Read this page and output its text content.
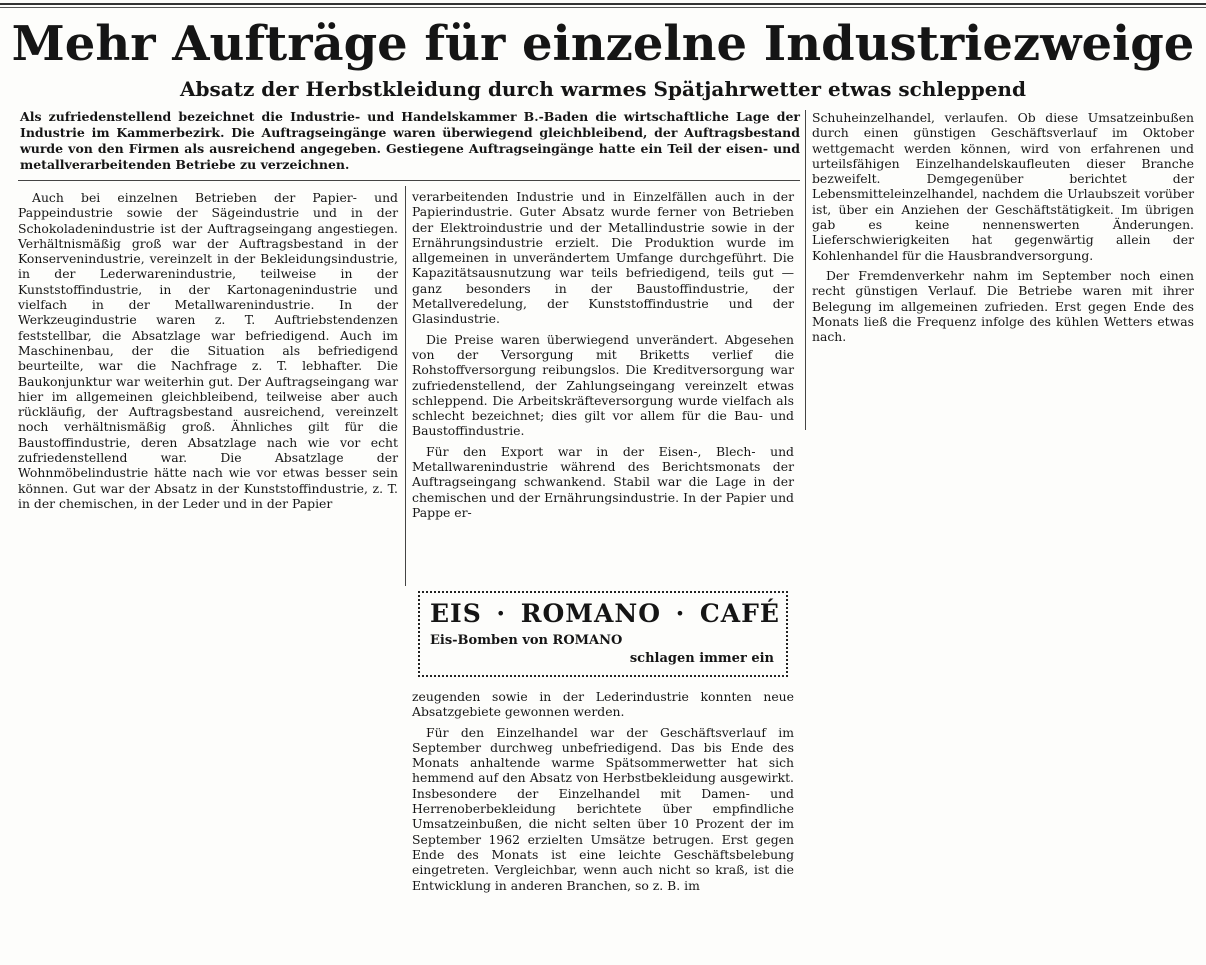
Mehr Aufträge für einzelne Industriezweige
Absatz der Herbstkleidung durch warmes Spätjahrwetter etwas schleppend
Als zufriedenstellend bezeichnet die Industrie- und Handelskammer B.-Baden die wirtschaftliche Lage der Industrie im Kammerbezirk. Die Auftragseingänge waren überwiegend gleichbleibend, der Auftragsbestand wurde von den Firmen als ausreichend angegeben. Gestiegene Auftragseingänge hatte ein Teil der eisen- und metallverarbeitenden Betriebe zu verzeichnen.

Auch bei einzelnen Betrieben der Papier- und Pappeindustrie sowie der Sägeindustrie und in der Schokoladenindustrie ist der Auftragseingang angestiegen. Verhältnismäßig groß war der Auftragsbestand in der Konservenindustrie, vereinzelt in der Bekleidungsindustrie, in der Lederwarenindustrie, teilweise in der Kunststoffindustrie, in der Kartonagenindustrie und vielfach in der Metallwarenindustrie. In der Werkzeugindustrie waren z. T. Auftriebstendenzen feststellbar, die Absatzlage war befriedigend. Auch im Maschinenbau, der die Situation als befriedigend beurteilte, war die Nachfrage z. T. lebhafter. Die Baukonjunktur war weiterhin gut. Der Auftragseingang war hier im allgemeinen gleichbleibend, teilweise aber auch rückläufig, der Auftragsbestand ausreichend, vereinzelt noch verhältnismäßig groß. Ähnliches gilt für die Baustoffindustrie, deren Absatzlage nach wie vor echt zufriedenstellend war. Die Absatzlage der Wohnmöbelindustrie hätte nach wie vor etwas besser sein können. Gut war der Absatz in der Kunststoffindustrie, z. T. in der chemischen, in der Leder und in der Papier

verarbeitenden Industrie und in Einzelfällen auch in der Papierindustrie. Guter Absatz wurde ferner von Betrieben der Elektroindustrie und der Metallindustrie sowie in der Ernährungsindustrie erzielt. Die Produktion wurde im allgemeinen in unverändertem Umfange durchgeführt. Die Kapazitätsausnutzung war teils befriedigend, teils gut — ganz besonders in der Baustoffindustrie, der Metallveredelung, der Kunststoffindustrie und der Glasindustrie.

Die Preise waren überwiegend unverändert. Abgesehen von der Versorgung mit Briketts verlief die Rohstoffversorgung reibungslos. Die Kreditversorgung war zufriedenstellend, der Zahlungseingang vereinzelt etwas schleppend. Die Arbeitskräfteversorgung wurde vielfach als schlecht bezeichnet; dies gilt vor allem für die Bau- und Baustoffindustrie.

Für den Export war in der Eisen-, Blech- und Metallwarenindustrie während des Berichtsmonats der Auftragseingang schwankend. Stabil war die Lage in der chemischen und der Ernährungsindustrie. In der Papier und Pappe er-

EIS · ROMANO · CAFÉ
Eis-Bomben von ROMANO
schlagen immer ein

zeugenden sowie in der Lederindustrie konnten neue Absatzgebiete gewonnen werden.

Für den Einzelhandel war der Geschäftsverlauf im September durchweg unbefriedigend. Das bis Ende des Monats anhaltende warme Spätsommerwetter hat sich hemmend auf den Absatz von Herbstbekleidung ausgewirkt. Insbesondere der Einzelhandel mit Damen- und Herrenoberbekleidung berichtete über empfindliche Umsatzeinbußen, die nicht selten über 10 Prozent der im September 1962 erzielten Umsätze betrugen. Erst gegen Ende des Monats ist eine leichte Geschäftsbelebung eingetreten. Vergleichbar, wenn auch nicht so kraß, ist die Entwicklung in anderen Branchen, so z. B. im

Schuheinzelhandel, verlaufen. Ob diese Umsatzeinbußen durch einen günstigen Geschäftsverlauf im Oktober wettgemacht werden können, wird von erfahrenen und urteilsfähigen Einzelhandelskaufleuten dieser Branche bezweifelt. Demgegenüber berichtet der Lebensmitteleinzelhandel, nachdem die Urlaubszeit vorüber ist, über ein Anziehen der Geschäftstätigkeit. Im übrigen gab es keine nennenswerten Änderungen. Lieferschwierigkeiten hat gegenwärtig allein der Kohlenhandel für die Hausbrandversorgung.

Der Fremdenverkehr nahm im September noch einen recht günstigen Verlauf. Die Betriebe waren mit ihrer Belegung im allgemeinen zufrieden. Erst gegen Ende des Monats ließ die Frequenz infolge des kühlen Wetters etwas nach.
